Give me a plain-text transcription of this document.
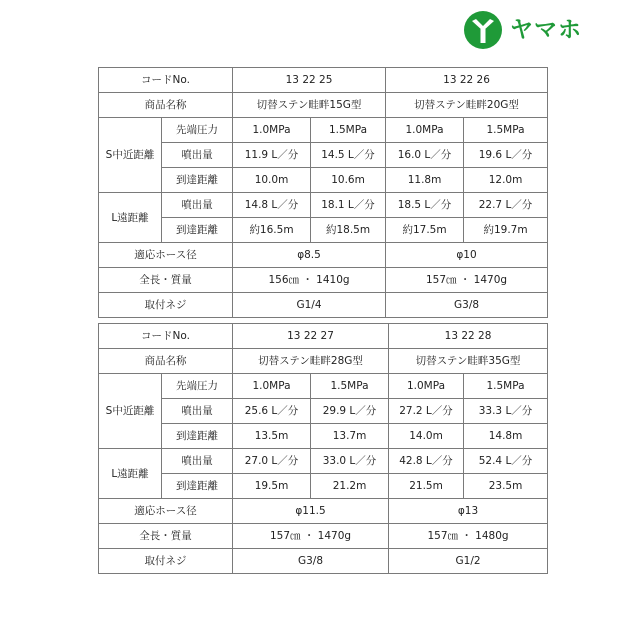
ヤマホ
コードNo.		13 22 25		13 22 26	
商品名称		切替ステン畦畔15G型		切替ステン畦畔20G型	
S中近距離	先端圧力	1.0MPa	1.5MPa	1.0MPa	1.5MPa
	噴出量	11.9 L／分	14.5 L／分	16.0 L／分	19.6 L／分
	到達距離	10.0m	10.6m	11.8m	12.0m
L遠距離	噴出量	14.8 L／分	18.1 L／分	18.5 L／分	22.7 L／分
	到達距離	約16.5m	約18.5m	約17.5m	約19.7m
適応ホース径		φ8.5		φ10	
全長・質量		156㎝ ・ 1410g		157㎝ ・ 1470g	
取付ネジ		G1/4		G3/8	
コードNo.		13 22 27		13 22 28	
商品名称		切替ステン畦畔28G型		切替ステン畦畔35G型	
S中近距離	先端圧力	1.0MPa	1.5MPa	1.0MPa	1.5MPa
	噴出量	25.6 L／分	29.9 L／分	27.2 L／分	33.3 L／分
	到達距離	13.5m	13.7m	14.0m	14.8m
L遠距離	噴出量	27.0 L／分	33.0 L／分	42.8 L／分	52.4 L／分
	到達距離	19.5m	21.2m	21.5m	23.5m
適応ホース径		φ11.5		φ13	
全長・質量		157㎝ ・ 1470g		157㎝ ・ 1480g	
取付ネジ		G3/8		G1/2	
